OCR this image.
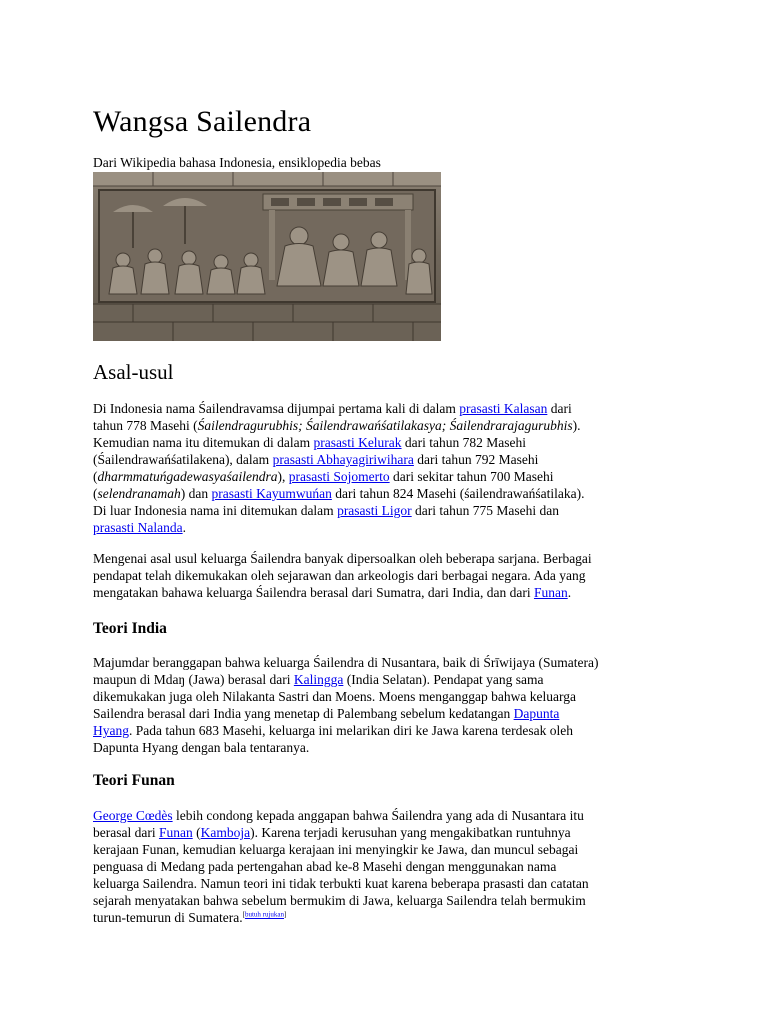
Wangsa Sailendra
Dari Wikipedia bahasa Indonesia, ensiklopedia bebas
Asal-usul

Di Indonesia nama Śailendravamsa dijumpai pertama kali di dalam prasasti Kalasan dari
tahun 778 Masehi (Śailendragurubhis; Śailendrawańśatilakasya; Śailendrarajagurubhis).
Kemudian nama itu ditemukan di dalam prasasti Kelurak dari tahun 782 Masehi
(Śailendrawańśatilakena), dalam prasasti Abhayagiriwihara dari tahun 792 Masehi
(dharmmatuńgadewasyaśailendra), prasasti Sojomerto dari sekitar tahun 700 Masehi
(selendranamah) dan prasasti Kayumwuńan dari tahun 824 Masehi (śailendrawańśatilaka).
Di luar Indonesia nama ini ditemukan dalam prasasti Ligor dari tahun 775 Masehi dan
prasasti Nalanda.

Mengenai asal usul keluarga Śailendra banyak dipersoalkan oleh beberapa sarjana. Berbagai
pendapat telah dikemukakan oleh sejarawan dan arkeologis dari berbagai negara. Ada yang
mengatakan bahawa keluarga Śailendra berasal dari Sumatra, dari India, dan dari Funan.

Teori India

Majumdar beranggapan bahwa keluarga Śailendra di Nusantara, baik di Śrīwijaya (Sumatera)
maupun di Mdaŋ (Jawa) berasal dari Kalingga (India Selatan). Pendapat yang sama
dikemukakan juga oleh Nilakanta Sastri dan Moens. Moens menganggap bahwa keluarga
Sailendra berasal dari India yang menetap di Palembang sebelum kedatangan Dapunta
Hyang. Pada tahun 683 Masehi, keluarga ini melarikan diri ke Jawa karena terdesak oleh
Dapunta Hyang dengan bala tentaranya.

Teori Funan

George Cœdès lebih condong kepada anggapan bahwa Śailendra yang ada di Nusantara itu
berasal dari Funan (Kamboja). Karena terjadi kerusuhan yang mengakibatkan runtuhnya
kerajaan Funan, kemudian keluarga kerajaan ini menyingkir ke Jawa, dan muncul sebagai
penguasa di Medang pada pertengahan abad ke-8 Masehi dengan menggunakan nama
keluarga Sailendra. Namun teori ini tidak terbukti kuat karena beberapa prasasti dan catatan
sejarah menyatakan bahwa sebelum bermukim di Jawa, keluarga Sailendra telah bermukim
turun-temurun di Sumatera.[butuh rujukan]
